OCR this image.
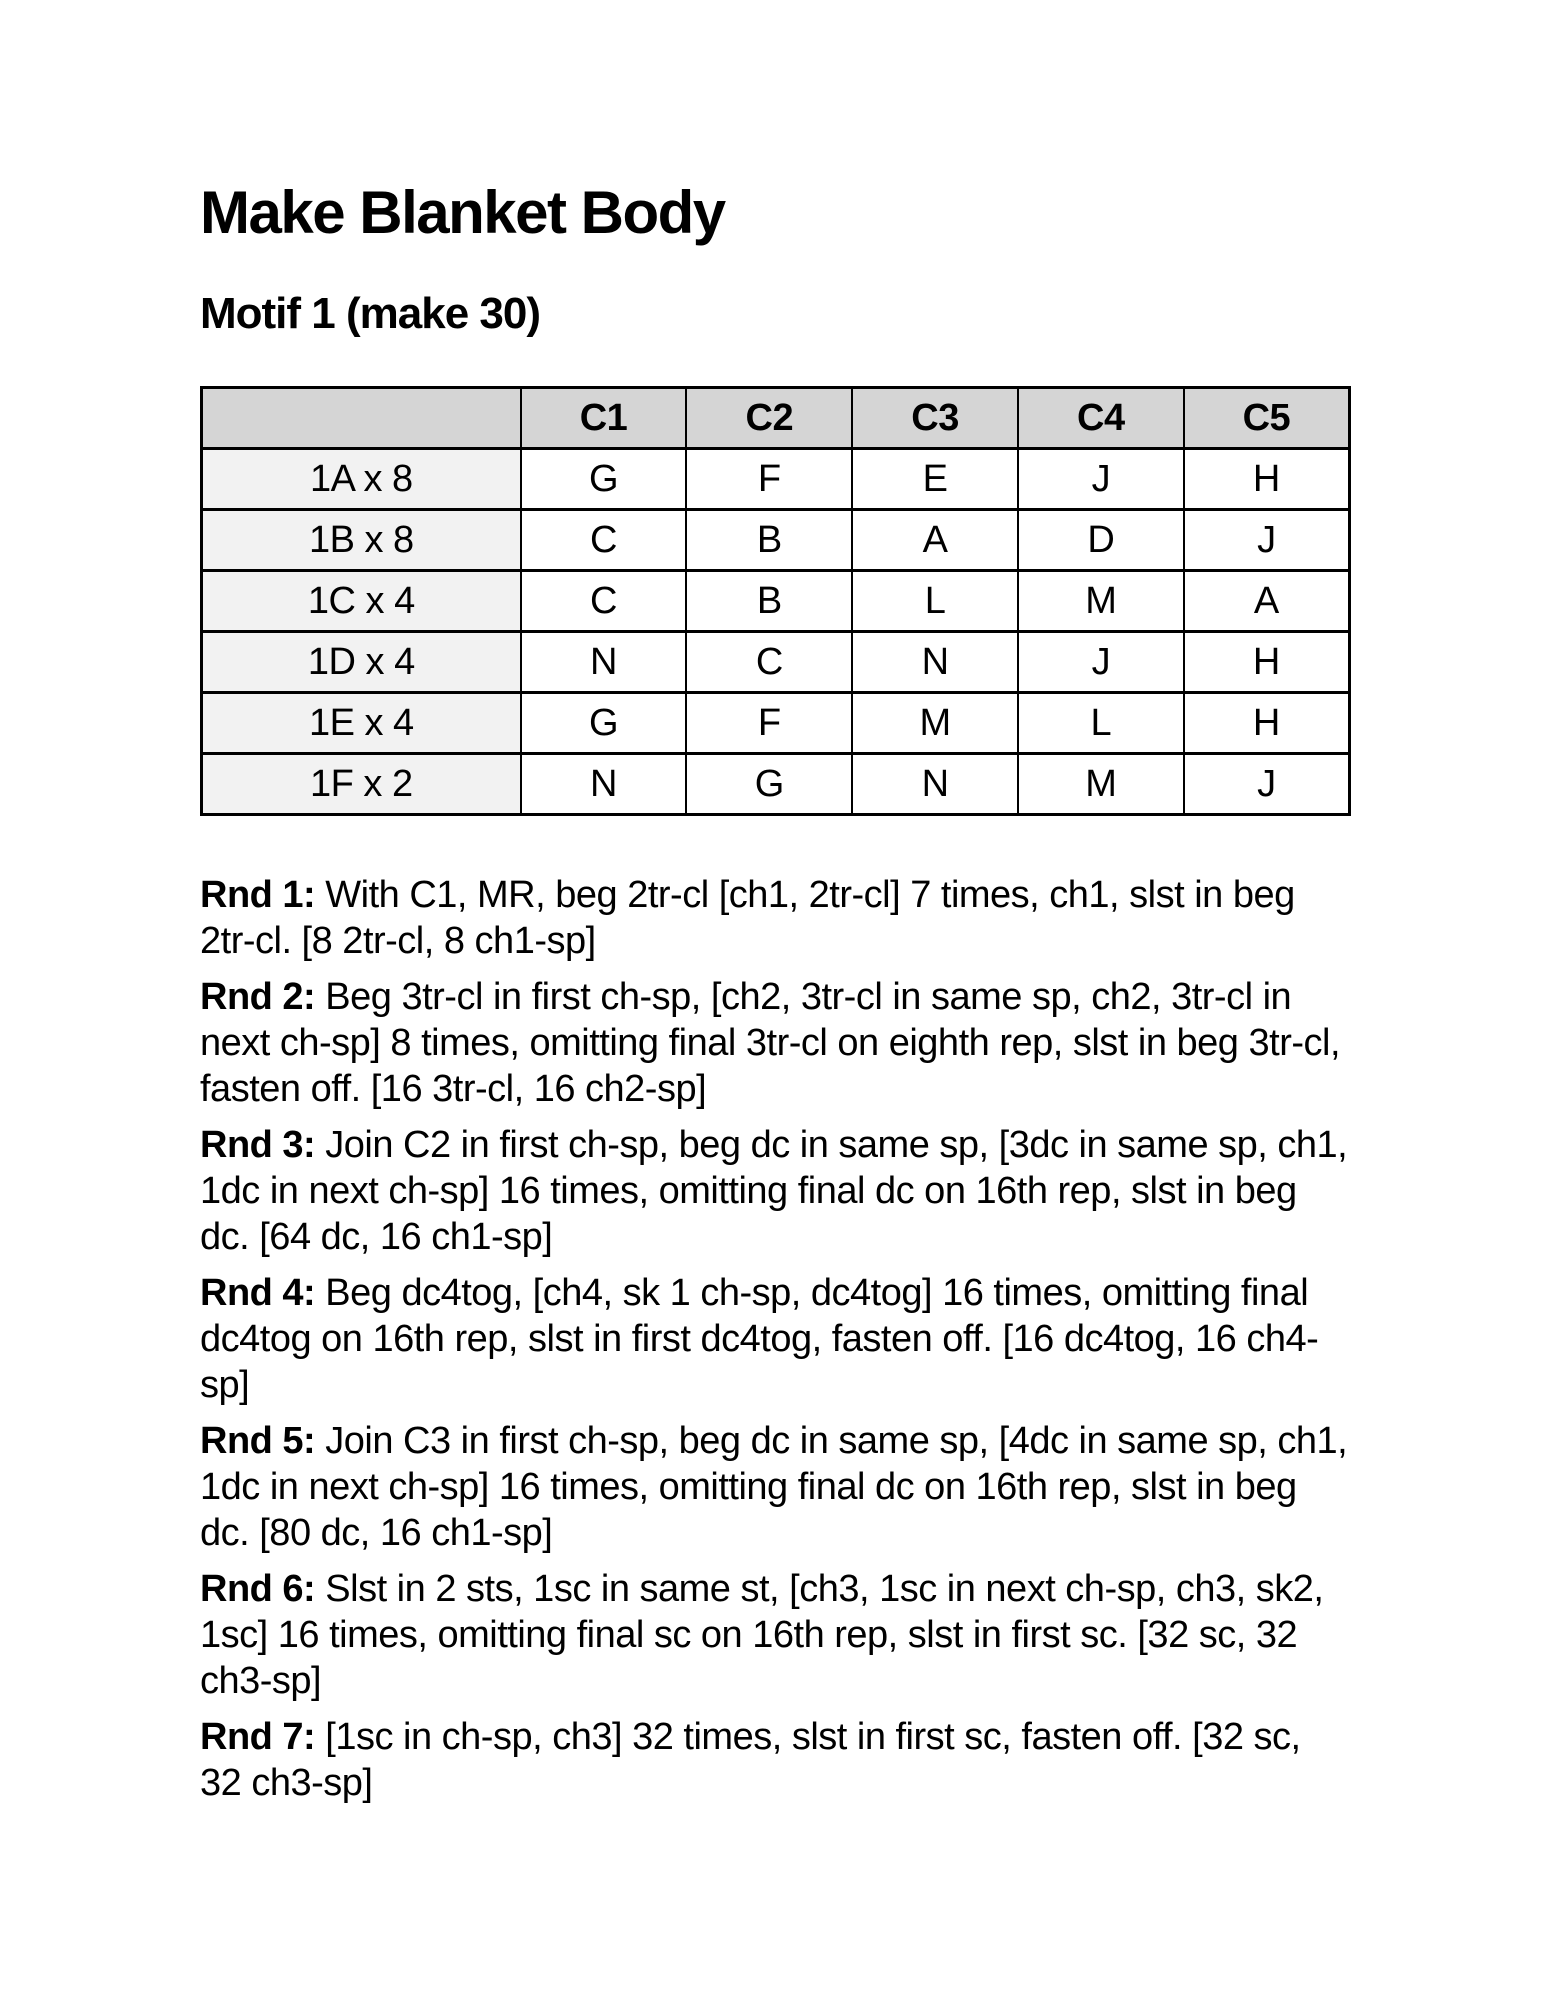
Make Blanket Body
Motif 1 (make 30)
	C1	C2	C3	C4	C5
1A x 8	G	F	E	J	H
1B x 8	C	B	A	D	J
1C x 4	C	B	L	M	A
1D x 4	N	C	N	J	H
1E x 4	G	F	M	L	H
1F x 2	N	G	N	M	J

Rnd 1: With C1, MR, beg 2tr-cl [ch1, 2tr-cl] 7 times, ch1, slst in beg 2tr-cl. [8 2tr-cl, 8 ch1-sp]

Rnd 2: Beg 3tr-cl in first ch-sp, [ch2, 3tr-cl in same sp, ch2, 3tr-cl in next ch-sp] 8 times, omitting final 3tr-cl on eighth rep, slst in beg 3tr-cl, fasten off. [16 3tr-cl, 16 ch2-sp]

Rnd 3: Join C2 in first ch-sp, beg dc in same sp, [3dc in same sp, ch1, 1dc in next ch-sp] 16 times, omitting final dc on 16th rep, slst in beg dc. [64 dc, 16 ch1-sp]

Rnd 4: Beg dc4tog, [ch4, sk 1 ch-sp, dc4tog] 16 times, omitting final dc4tog on 16th rep, slst in first dc4tog, fasten off. [16 dc4tog, 16 ch4-sp]

Rnd 5: Join C3 in first ch-sp, beg dc in same sp, [4dc in same sp, ch1, 1dc in next ch-sp] 16 times, omitting final dc on 16th rep, slst in beg dc. [80 dc, 16 ch1-sp]

Rnd 6: Slst in 2 sts, 1sc in same st, [ch3, 1sc in next ch-sp, ch3, sk2, 1sc] 16 times, omitting final sc on 16th rep, slst in first sc. [32 sc, 32 ch3-sp]

Rnd 7: [1sc in ch-sp, ch3] 32 times, slst in first sc, fasten off. [32 sc, 32 ch3-sp]
